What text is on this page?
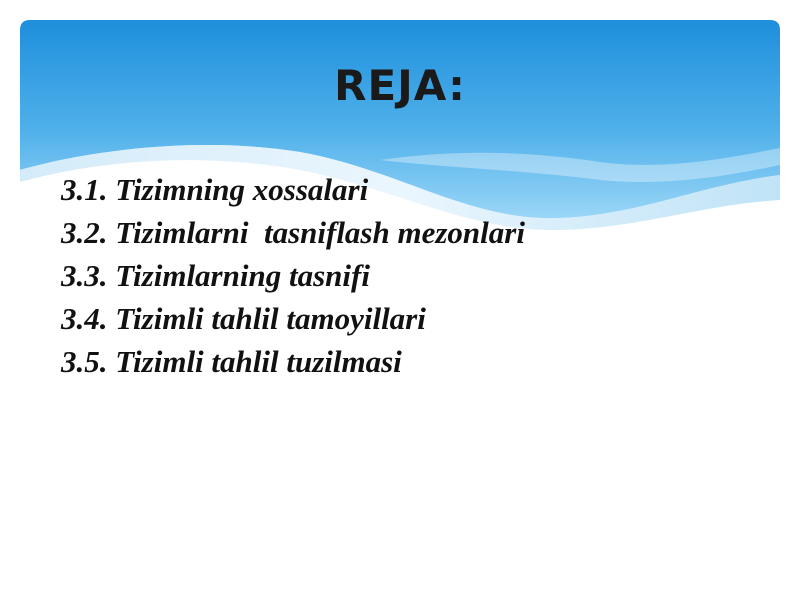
REJA:
3.1. Tizimning xossalari
3.2. Tizimlarni  tasniflash mezonlari
3.3. Tizimlarning tasnifi
3.4. Tizimli tahlil tamoyillari
3.5. Tizimli tahlil tuzilmasi
